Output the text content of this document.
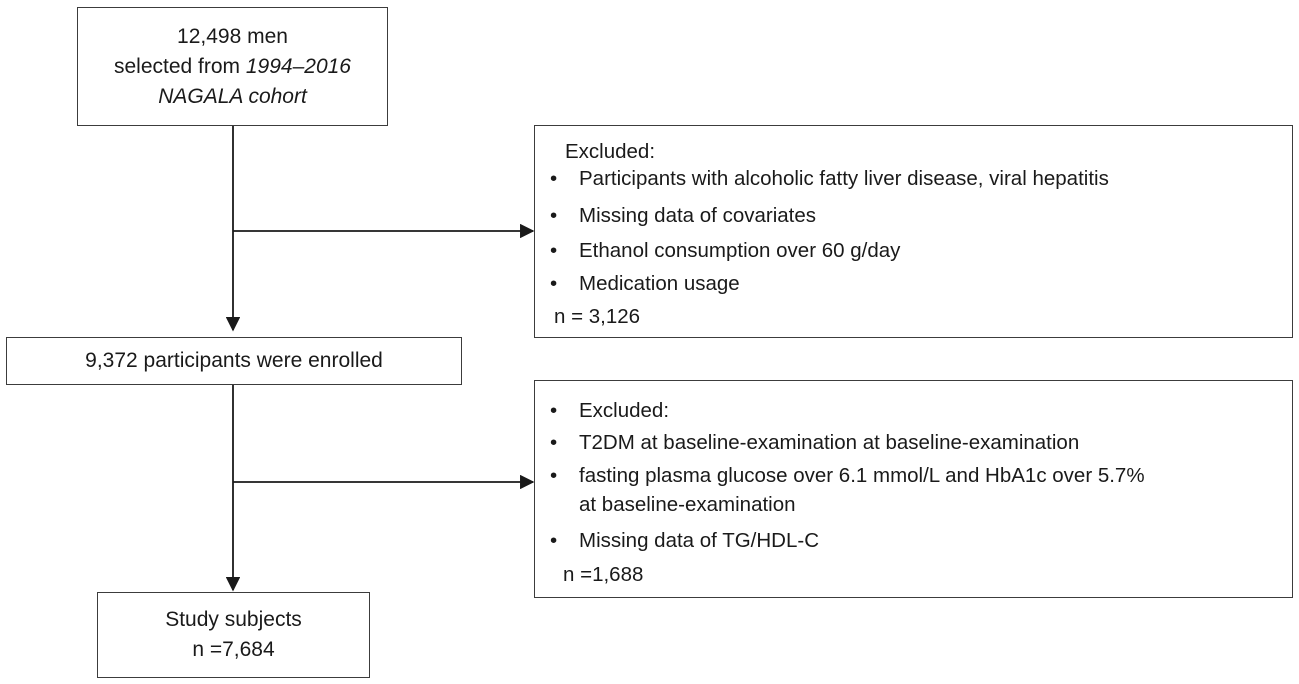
12,498 men
selected from 1994–2016
NAGALA cohort
Excluded:
• Participants with alcoholic fatty liver disease, viral hepatitis
• Missing data of covariates
• Ethanol consumption over 60 g/day
• Medication usage
n = 3,126
9,372 participants were enrolled
• Excluded:
• T2DM at baseline-examination at baseline-examination
• fasting plasma glucose over 6.1 mmol/L and HbA1c over 5.7%
at baseline-examination
• Missing data of TG/HDL-C
n =1,688
Study subjects
n =7,684
